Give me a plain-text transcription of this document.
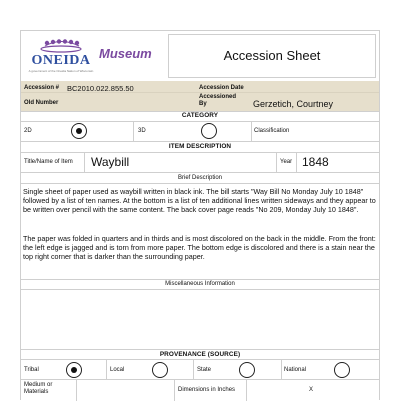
ONEIDA
A government of the Oneida Nation of Wisconsin
Museum	Accession Sheet
Accession # BC2010.022.855.50	Accession Date
Old Number
Accessioned By	Gerzetich, Courtney
CATEGORY
2D	3D	Classification
ITEM DESCRIPTION
Title/Name of Item Waybill	Year 1848
Brief Description
Single sheet of paper used as waybill written in black ink. The bill starts "Way Bill No Monday July 10 1848" followed by a list of ten names. At the bottom is a list of ten additional lines written sideways and they appear to be written over pencil with the same content. The back cover page reads "No 209, Monday July 10 1848".
The paper was folded in quarters and in thirds and is most discolored on the back in the middle. From the front: the left edge is jagged and is torn from more paper. The bottom edge is discolored and there is a stain near the top right corner that is darker than the surrounding paper.
Miscellaneous Information
PROVENANCE (SOURCE)
Tribal	Local	State	National
Medium or Materials	Dimensions in Inches	X
